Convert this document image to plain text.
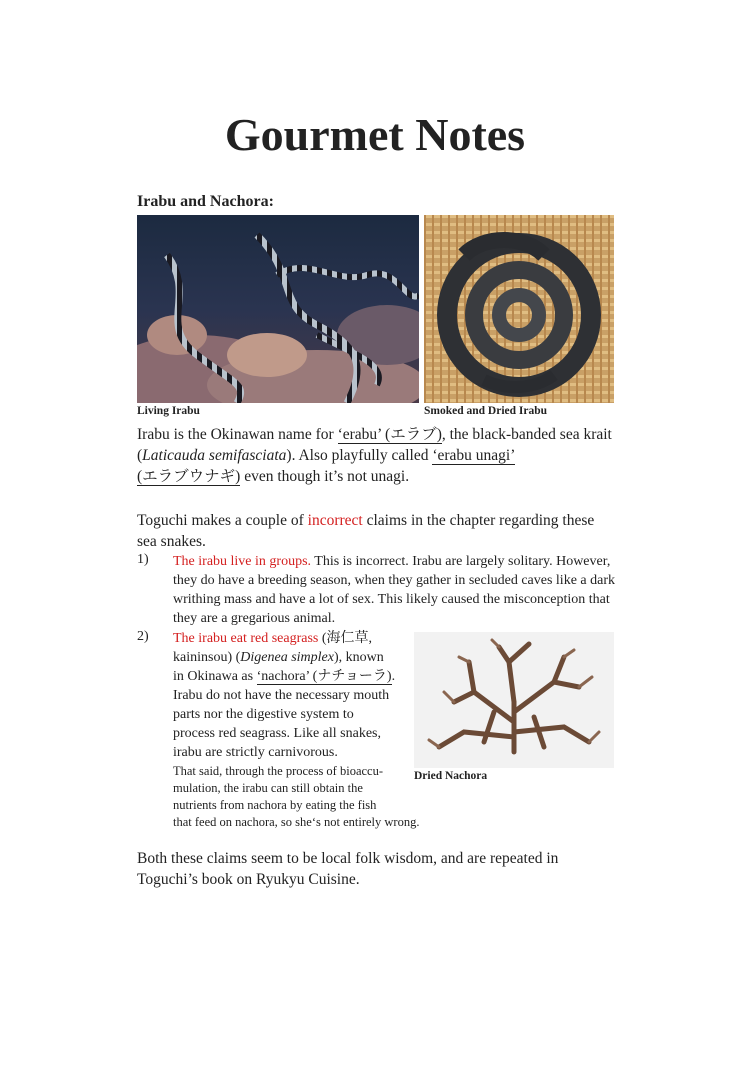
Gourmet Notes
Irabu and Nachora:
Living Irabu	Smoked and Dried Irabu
Irabu is the Okinawan name for ‘erabu’ (エラブ), the black-banded sea krait (Laticauda semifasciata). Also playfully called ‘erabu unagi’
(エラブウナギ) even though it’s not unagi.
Toguchi makes a couple of incorrect claims in the chapter regarding these sea snakes.
1) The irabu live in groups. This is incorrect. Irabu are largely solitary. However, they do have a breeding season, when they gather in secluded caves like a dark writhing mass and have a lot of sex. This likely caused the misconception that they are a gregarious animal.
2) The irabu eat red seagrass (海仁草,
kaininsou) (Digenea simplex), known
in Okinawa as ‘nachora’ (ナチョーラ).
Irabu do not have the necessary mouth
parts nor the digestive system to
process red seagrass. Like all snakes,
irabu are strictly carnivorous.
That said, through the process of bioaccu-
mulation, the irabu can still obtain the
nutrients from nachora by eating the fish
that feed on nachora, so she‘s not entirely wrong.
Dried Nachora
Both these claims seem to be local folk wisdom, and are repeated in Toguchi’s book on Ryukyu Cuisine.
